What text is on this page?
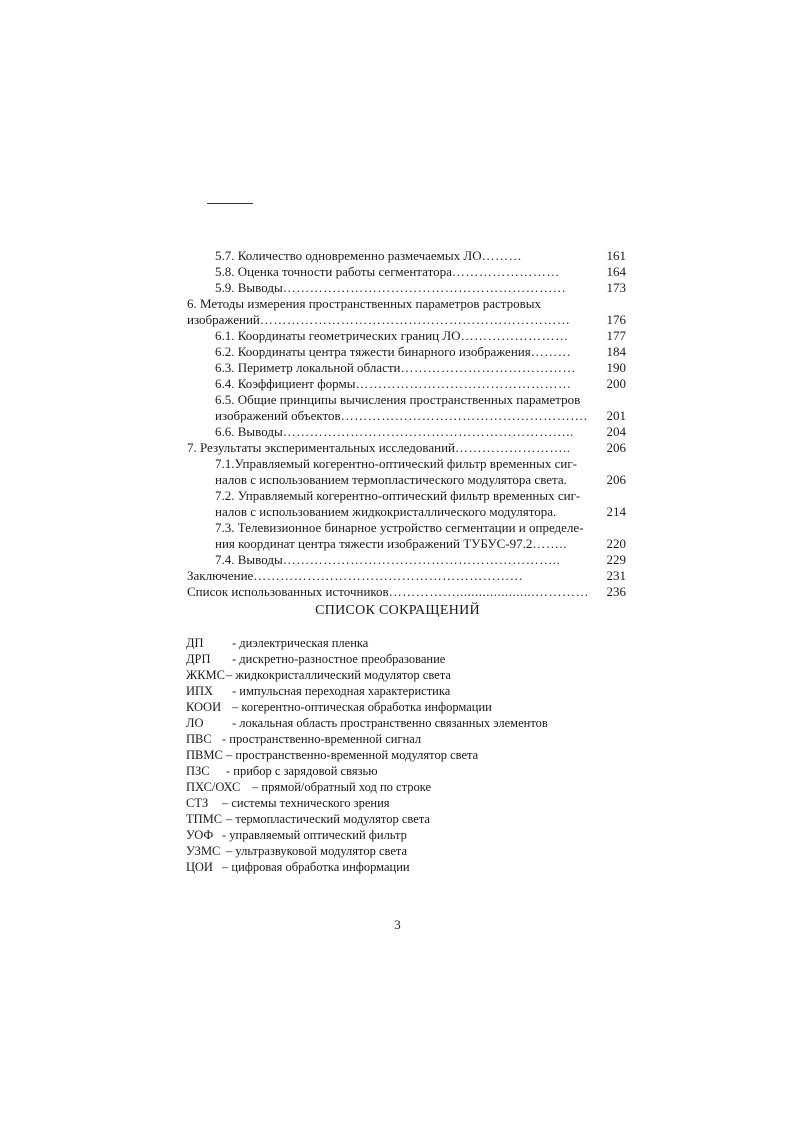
5.7. Количество одновременно размечаемых ЛО………	161
5.8. Оценка точности работы сегментатора……………………	164
5.9. Выводы………………………………………………………	173
6. Методы измерения пространственных параметров растровых
изображений……………………………………………………………	176
6.1. Координаты геометрических границ ЛО……………………	177
6.2. Координаты центра тяжести бинарного изображения………	184
6.3. Периметр локальной области…………………………………	190
6.4. Коэффициент формы…………………………………………	200
6.5. Общие принципы вычисления пространственных параметров
изображений объектов……………………………………………….	201
6.6. Выводы………………………………………………………..	204
7. Результаты экспериментальных исследований……………………..	206
7.1.Управляемый когерентно-оптический фильтр временных сиг-
налов с использованием термопластического модулятора света.	206
7.2. Управляемый когерентно-оптический фильтр временных сиг-
налов с использованием жидкокристаллического модулятора.	214
7.3. Телевизионное бинарное устройство сегментации и определе-
ния координат центра тяжести изображений ТУБУС-97.2……..	220
7.4. Выводы……………………………………………………..	229
Заключение……………………………………………………	231
Список использованных источников…………….....................…………	236
СПИСОК СОКРАЩЕНИЙ
ДП - диэлектрическая пленка
ДРП - дискретно-разностное преобразование
ЖКМС– жидкокристаллический модулятор света
ИПХ - импульсная переходная характеристика
КООИ – когерентно-оптическая обработка информации
ЛО - локальная область пространственно связанных элементов
ПВС - пространственно-временной сигнал
ПВМС – пространственно-временной модулятор света
ПЗС - прибор с зарядовой связью
ПХС/ОХС – прямой/обратный ход по строке
СТЗ – системы технического зрения
ТПМС – термопластический модулятор света
УОФ - управляемый оптический фильтр
УЗМС – ультразвуковой модулятор света
ЦОИ – цифровая обработка информации
3
